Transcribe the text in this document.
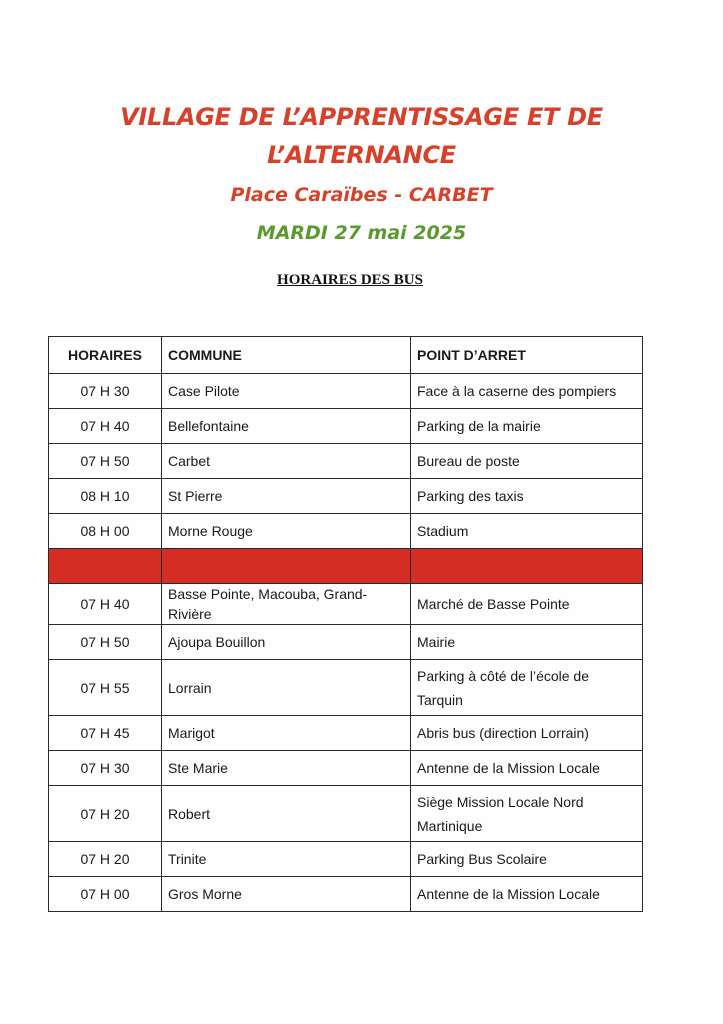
VILLAGE DE L’APPRENTISSAGE ET DE
L’ALTERNANCE
Place Caraïbes - CARBET
MARDI 27 mai 2025
HORAIRES DES BUS
HORAIRES	COMMUNE	POINT D’ARRET
07 H 30	Case Pilote	Face à la caserne des pompiers

07 H 40	Bellefontaine	Parking de la mairie

07 H 50	Carbet	Bureau de poste

08 H 10	St Pierre	Parking des taxis

08 H 00	Morne Rouge	Stadium

07 H 40	Basse Pointe, Macouba, Grand-Rivière	Marché de Basse Pointe

07 H 50	Ajoupa Bouillon	Mairie

07 H 55	Lorrain	Parking à côté de l’école de Tarquin

07 H 45	Marigot	Abris bus (direction Lorrain)

07 H 30	Ste Marie	Antenne de la Mission Locale

07 H 20	Robert	Siège Mission Locale Nord Martinique

07 H 20	Trinite	Parking Bus Scolaire

07 H 00	Gros Morne	Antenne de la Mission Locale
